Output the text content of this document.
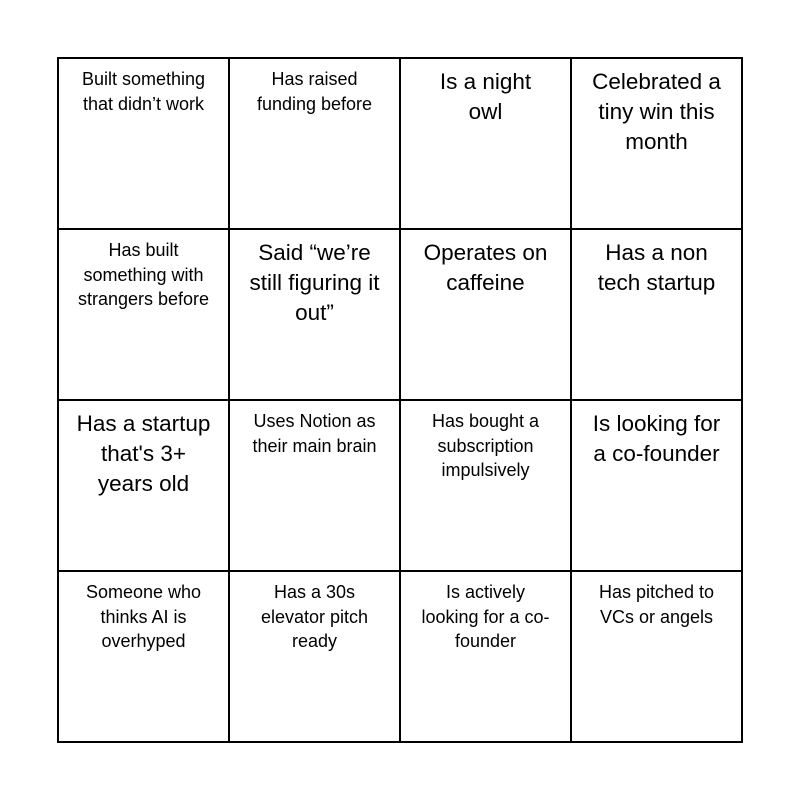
Built something that didn’t work
Has raised funding before
Is a night owl
Celebrated a tiny win this month
Has built something with strangers before
Said “we’re still figuring it out”
Operates on caffeine
Has a non tech startup
Has a startup that's 3+ years old
Uses Notion as their main brain
Has bought a subscription impulsively
Is looking for a co-founder
Someone who thinks AI is overhyped
Has a 30s elevator pitch ready
Is actively looking for a co-founder
Has pitched to VCs or angels
